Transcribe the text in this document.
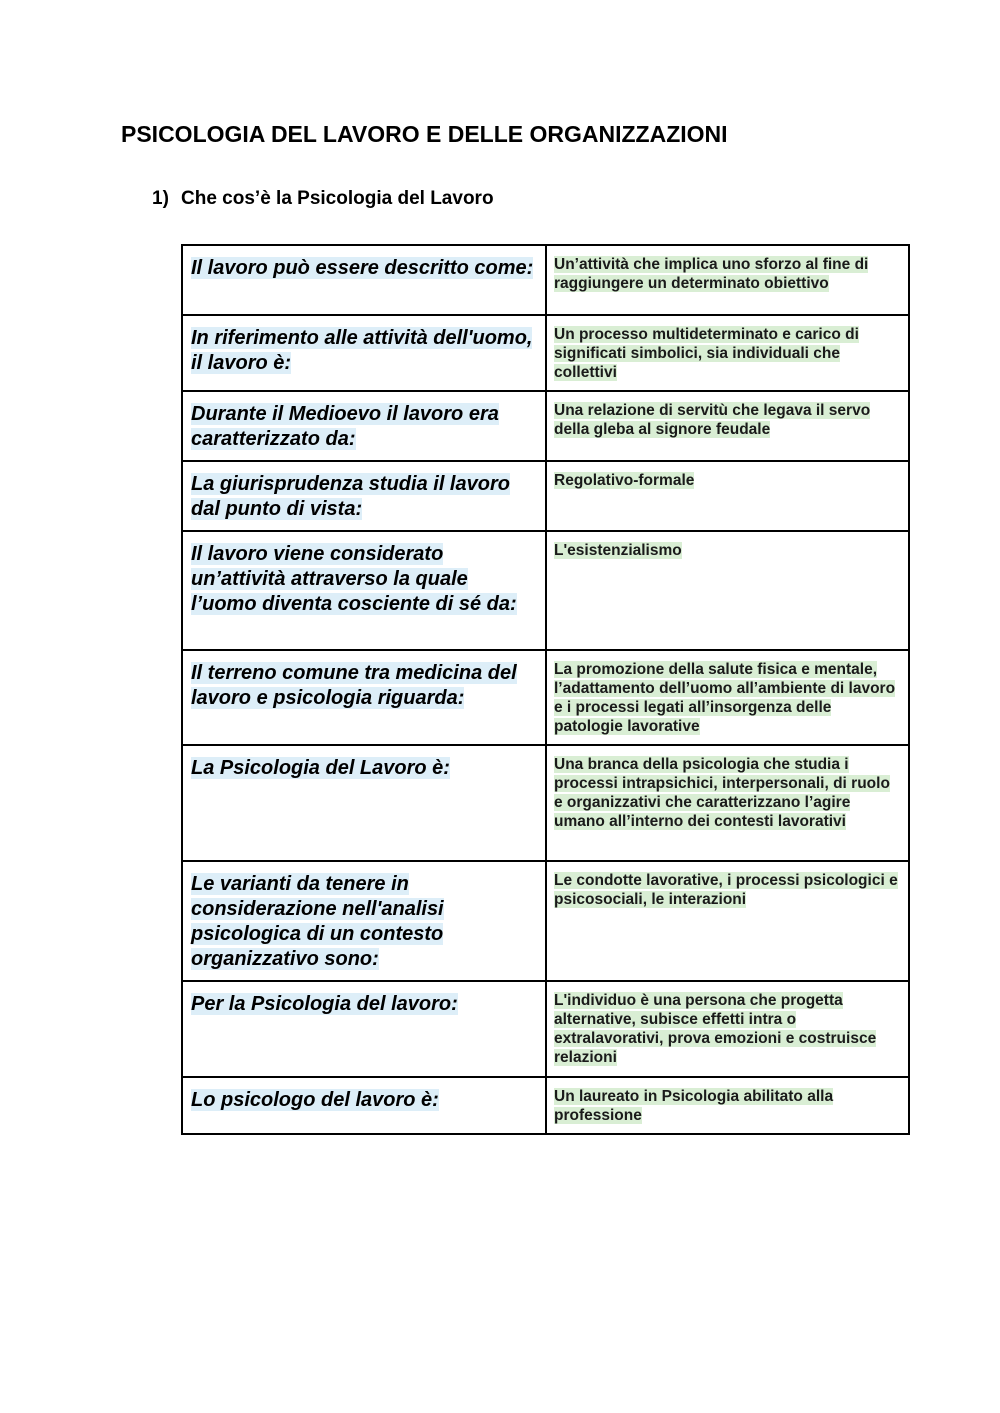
PSICOLOGIA DEL LAVORO E DELLE ORGANIZZAZIONI
1) Che cos’è la Psicologia del Lavoro
Il lavoro può essere descritto come:	Un’attività che implica uno sforzo al fine di raggiungere un determinato obiettivo

In riferimento alle attività dell'uomo, il lavoro è:	Un processo multideterminato e carico di significati simbolici, sia individuali che collettivi

Durante il Medioevo il lavoro era caratterizzato da:	Una relazione di servitù che legava il servo della gleba al signore feudale

La giurisprudenza studia il lavoro dal punto di vista:	Regolativo-formale

Il lavoro viene considerato un’attività attraverso la quale l’uomo diventa cosciente di sé da:	L'esistenzialismo

Il terreno comune tra medicina del lavoro e psicologia riguarda:	La promozione della salute fisica e mentale, l’adattamento dell’uomo all’ambiente di lavoro e i processi legati all’insorgenza delle patologie lavorative

La Psicologia del Lavoro è:	Una branca della psicologia che studia i processi intrapsichici, interpersonali, di ruolo e organizzativi che caratterizzano l’agire umano all’interno dei contesti lavorativi

Le varianti da tenere in considerazione nell'analisi psicologica di un contesto organizzativo sono:	Le condotte lavorative, i processi psicologici e psicosociali, le interazioni

Per la Psicologia del lavoro:	L'individuo è una persona che progetta alternative, subisce effetti intra o extralavorativi, prova emozioni e costruisce relazioni

Lo psicologo del lavoro è:	Un laureato in Psicologia abilitato alla professione
